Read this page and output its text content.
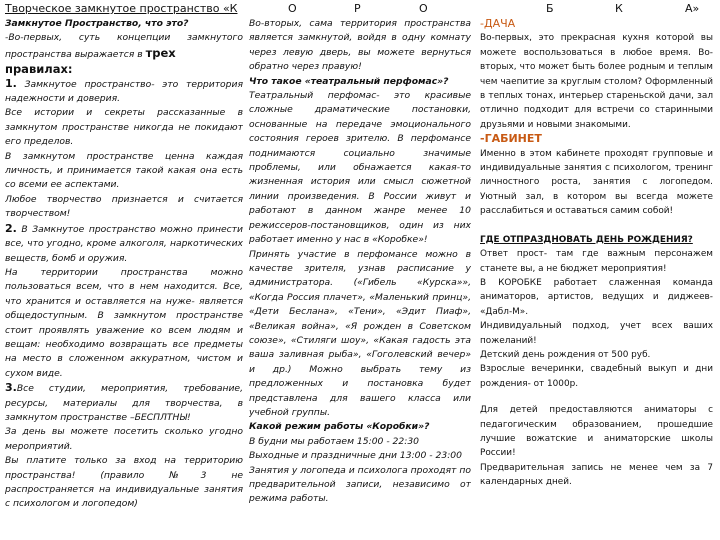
Творческое замкнутое пространство «К	О	Р	О	Б	К	А»

Замкнутое Пространство, что это?

-Во-первых, суть концепции замкнутого пространства выражается в трех

правилах:

1. Замкнутое пространство- это территория надежности и доверия.

Все истории и секреты рассказанные в замкнутом пространстве никогда не покидают его пределов.

В замкнутом пространстве ценна каждая личность, и принимается такой какая она есть со всеми ее аспектами.

Любое творчество признается и считается творчеством!

2. В Замкнутое пространство можно принести все, что угодно, кроме алкоголя, наркотических веществ, бомб и оружия.

На территории пространства можно пользоваться всем, что в нем находится. Все, что хранится и оставляется на нуже- является общедоступным. В замкнутом пространстве стоит проявлять уважение ко всем людям и вещам: необходимо возвращать все предметы на место в сложенном аккуратном, чистом и сухом виде.

3.Все студии, мероприятия, требование, ресурсы, материалы для творчества, в замкнутом пространстве –БЕСПЛТНЫ!

За день вы можете посетить сколько угодно мероприятий.

Вы платите только за вход на территорию пространства! (правило №3 не распространяется на индивидуальные занятия с психологом и логопедом)

Во-вторых, сама территория пространства является замкнутой, войдя в одну комнату через левую дверь, вы можете вернуться обратно через правую!

Что такое «театральный перфомас»?

Театральный перфомас- это красивые сложные драматические постановки, основанные на передаче эмоционального состояния героев зрителю. В перфомансе поднимаются социально значимые проблемы, или обнажается какая-то жизненная история или смысл сюжетной линии произведения. В России живут и работают в данном жанре менее 10 режиссеров-постановщиков, один из них работает именно у нас в «Коробке»!

Принять участие в перфомансе можно в качестве зрителя, узнав расписание у администратора. («Гибель «Курска»», «Когда Россия плачет», «Маленький принц», «Дети Беслана», «Тени», «Эдит Пиаф», «Великая война», «Я рожден в Советском союзе», «Стиляги шоу», «Какая гадость эта ваша заливная рыба», «Гоголевский вечер» и др.) Можно выбрать тему из предложенных и постановка будет представлена для вашего класса или учебной группы.

Какой режим работы «Коробки»?

В будни мы работаем 15:00 - 22:30

Выходные и праздничные дни 13:00 - 23:00

Занятия у логопеда и психолога проходят по предварительной записи, независимо от режима работы.

-ДАЧА

Во-первых, это прекрасная кухня которой вы можете воспользоваться в любое время. Во-вторых, что может быть более родным и теплым чем чаепитие за круглым столом? Оформленный в теплых тонах, интерьер стареньской дачи, зал отлично подходит для встречи со старинными друзьями и новыми знакомыми.

-ГАБИНЕТ

Именно в этом кабинете проходят групповые и индивидуальные занятия с психологом, тренинг личностного роста, занятия с логопедом. Уютный зал, в котором вы всегда можете расслабиться и оставаться самим собой!

ГДЕ ОТПРАЗДНОВАТЬ ДЕНЬ РОЖДЕНИЯ?

Ответ прост- там где важным персонажем станете вы, а не бюджет мероприятия!

В КОРОБКЕ работает слаженная команда аниматоров, артистов, ведущих и диджеев- «Дабл-М».

Индивидуальный подход, учет всех ваших пожеланий!

Детский день рождения от 500 руб.

Взрослые вечеринки, свадебный выкуп и дни рождения- от 1000р.

Для детей предоставляются аниматоры с педагогическим образованием, прошедшие лучшие вожатские и аниматорские школы России!

Предварительная запись не менее чем за 7 календарных дней.
